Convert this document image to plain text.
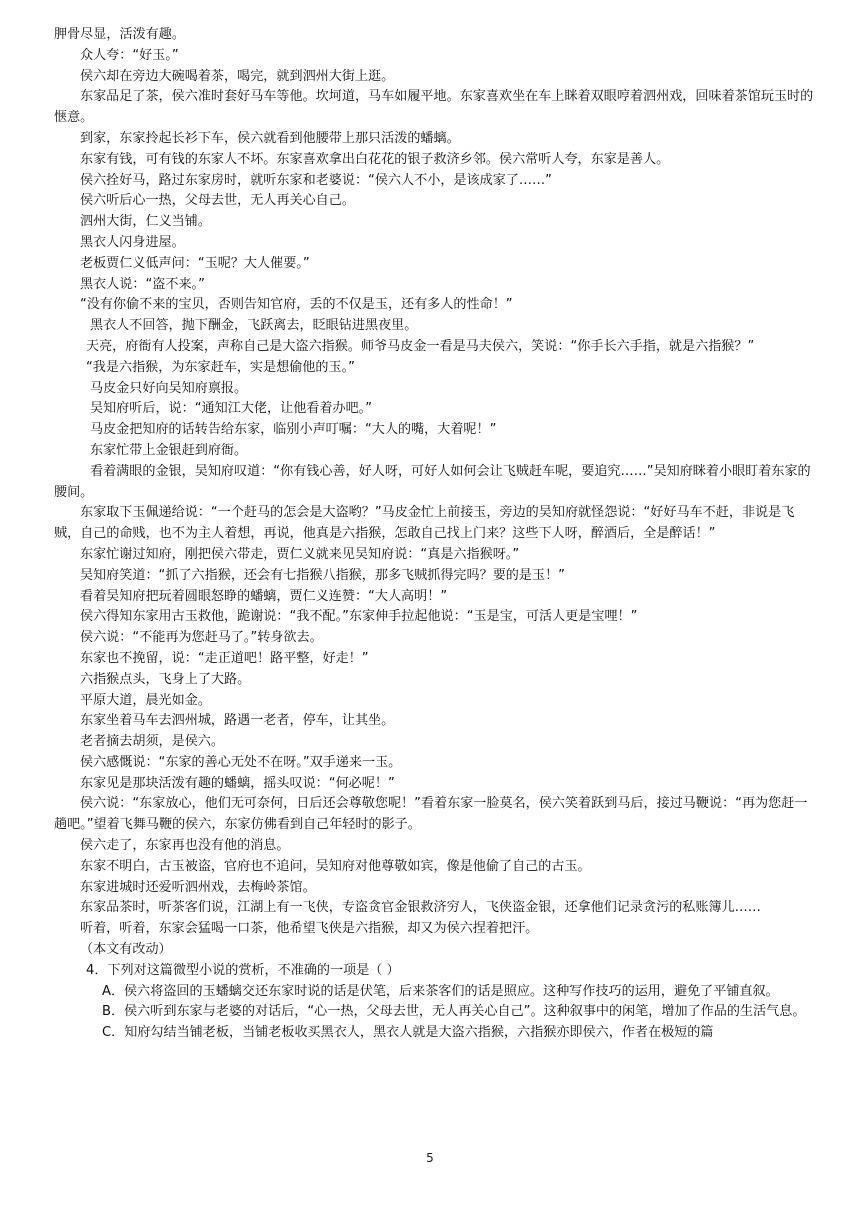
胛骨尽显，活泼有趣。

众人夸：“好玉。”

侯六却在旁边大碗喝着茶，喝完，就到泗州大街上逛。

东家品足了茶，侯六准时套好马车等他。坎坷道，马车如履平地。东家喜欢坐在车上眯着双眼哼着泗州戏，回味着茶馆玩玉时的惬意。

到家，东家拎起长衫下车，侯六就看到他腰带上那只活泼的蟠螭。

东家有钱，可有钱的东家人不坏。东家喜欢拿出白花花的银子救济乡邻。侯六常听人夸，东家是善人。

侯六拴好马，路过东家房时，就听东家和老婆说：“侯六人不小，是该成家了……”

侯六听后心一热，父母去世，无人再关心自己。

泗州大街，仁义当铺。

黑衣人闪身进屋。

老板贾仁义低声问：“玉呢？大人催要。”

黑衣人说：“盗不来。”

“没有你偷不来的宝贝，否则告知官府，丢的不仅是玉，还有多人的性命！”

黑衣人不回答，抛下酬金，飞跃离去，眨眼钻进黑夜里。

天亮，府衙有人投案，声称自己是大盗六指猴。师爷马皮金一看是马夫侯六，笑说：“你手长六手指，就是六指猴？”

“我是六指猴，为东家赶车，实是想偷他的玉。”

马皮金只好向吴知府禀报。

吴知府听后，说：“通知江大佬，让他看着办吧。”

马皮金把知府的话转告给东家，临别小声叮嘱：“大人的嘴，大着呢！”

东家忙带上金银赶到府衙。

看着满眼的金银，吴知府叹道：“你有钱心善，好人呀，可好人如何会让飞贼赶车呢，要追究……”吴知府眯着小眼盯着东家的腰间。

东家取下玉佩递给说：“一个赶马的怎会是大盗哟？”马皮金忙上前接玉，旁边的吴知府就怪怨说：“好好马车不赶，非说是飞贼，自己的命贱，也不为主人着想，再说，他真是六指猴，怎敢自己找上门来？这些下人呀，醉酒后，全是醉话！”

东家忙谢过知府，刚把侯六带走，贾仁义就来见吴知府说：“真是六指猴呀。”

吴知府笑道：“抓了六指猴，还会有七指猴八指猴，那多飞贼抓得完吗？要的是玉！”

看着吴知府把玩着圆眼怒睁的蟠螭，贾仁义连赞：“大人高明！”

侯六得知东家用古玉救他，跪谢说：“我不配。”东家伸手拉起他说：“玉是宝，可活人更是宝哩！”

侯六说：“不能再为您赶马了。”转身欲去。

东家也不挽留，说：“走正道吧！路平整，好走！”

六指猴点头，飞身上了大路。

平原大道，晨光如金。

东家坐着马车去泗州城，路遇一老者，停车，让其坐。

老者摘去胡须，是侯六。

侯六感慨说：“东家的善心无处不在呀。”双手递来一玉。

东家见是那块活泼有趣的蟠螭，摇头叹说：“何必呢！”

侯六说：“东家放心，他们无可奈何，日后还会尊敬您呢！”看着东家一脸莫名，侯六笑着跃到马后，接过马鞭说：“再为您赶一趟吧。”望着飞舞马鞭的侯六，东家仿佛看到自己年轻时的影子。

侯六走了，东家再也没有他的消息。

东家不明白，古玉被盗，官府也不追问，吴知府对他尊敬如宾，像是他偷了自己的古玉。

东家进城时还爱听泗州戏，去梅岭茶馆。

东家品茶时，听茶客们说，江湖上有一飞侠，专盗贪官金银救济穷人，飞侠盗金银，还拿他们记录贪污的私账簿儿……

听着，听着，东家会猛喝一口茶，他希望飞侠是六指猴，却又为侯六捏着把汗。

（本文有改动）

4．下列对这篇微型小说的赏析，不准确的一项是（ ）

A．侯六将盗回的玉蟠螭交还东家时说的话是伏笔，后来茶客们的话是照应。这种写作技巧的运用，避免了平铺直叙。

B．侯六听到东家与老婆的对话后，“心一热，父母去世，无人再关心自己”。这种叙事中的闲笔，增加了作品的生活气息。

C．知府勾结当铺老板，当铺老板收买黑衣人，黑衣人就是大盗六指猴，六指猴亦即侯六，作者在极短的篇

5
